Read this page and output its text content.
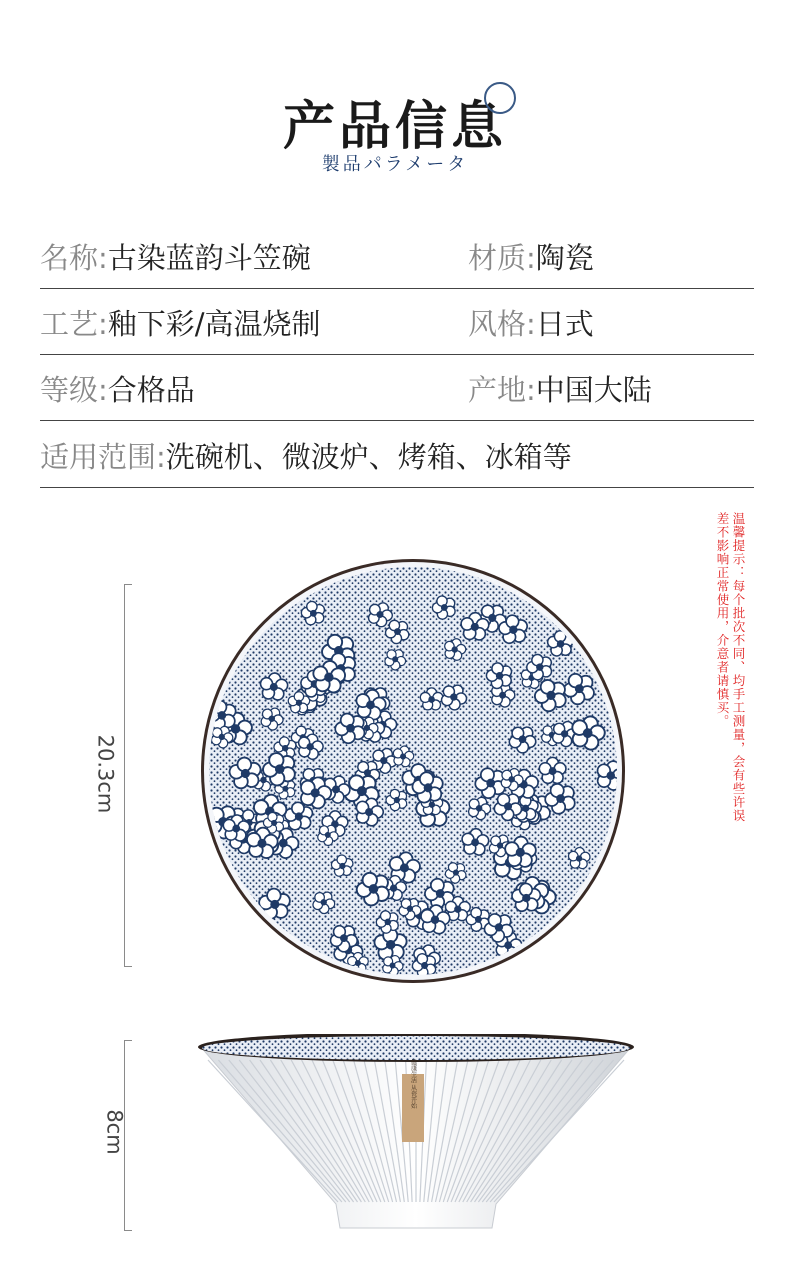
产品信息
製品パラメータ
名称:古染蓝韵斗笠碗	材质:陶瓷
工艺:釉下彩/高温烧制	风格:日式
等级:合格品	产地:中国大陆
适用范围:洗碗机、微波炉、烤箱、冰箱等
温馨提示：每个批次不同、均手工测量，会有些许误差不影响正常使用，介意者请慎买。
20.3cm
8cm
健康生活 从瓷开始
